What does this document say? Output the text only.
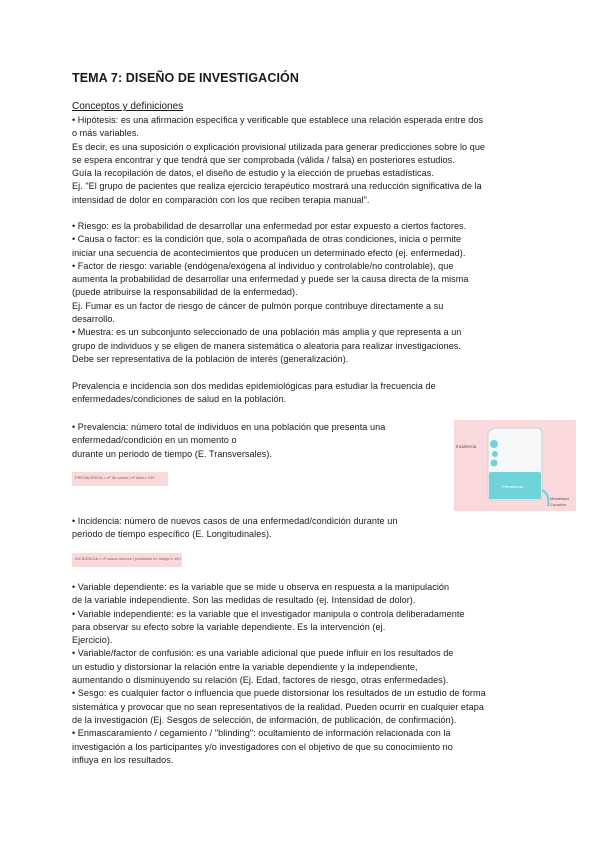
TEMA 7: DISEÑO DE INVESTIGACIÓN
Conceptos y definiciones
• Hipótesis: es una afirmación específica y verificable que establece una relación esperada entre dos
o más variables.
Es decir, es una suposición o explicación provisional utilizada para generar predicciones sobre lo que
se espera encontrar y que tendrá que ser comprobada (válida / falsa) en posteriores estudios.
Guía la recopilación de datos, el diseño de estudio y la elección de pruebas estadísticas.
Ej. "El grupo de pacientes que realiza ejercicio terapéutico mostrará una reducción significativa de la
intensidad de dolor en comparación con los que reciben terapia manual".
• Riesgo: es la probabilidad de desarrollar una enfermedad por estar expuesto a ciertos factores.
• Causa o factor: es la condición que, sola o acompañada de otras condiciones, inicia o permite
iniciar una secuencia de acontecimientos que producen un determinado efecto (ej. enfermedad).
• Factor de riesgo: variable (endógena/exógena al individuo y controlable/no controlable), que
aumenta la probabilidad de desarrollar una enfermedad y puede ser la causa directa de la misma
(puede atribuirse la responsabilidad de la enfermedad).
Ej. Fumar es un factor de riesgo de cáncer de pulmón porque contribuye directamente a su
desarrollo.
• Muestra: es un subconjunto seleccionado de una población más amplia y que representa a un
grupo de individuos y se eligen de manera sistemática o aleatoria para realizar investigaciones.
Debe ser representativa de la población de interés (generalización).
Prevalencia e incidencia son dos medidas epidemiológicas para estudiar la frecuencia de
enfermedades/condiciones de salud en la población.
• Prevalencia: número total de individuos en una población que presenta una
enfermedad/condición en un momento o
durante un periodo de tiempo (E. Transversales).
PREVALENCIA = nº de casos / nº total x 100
Incidencia
Prevalencia
Mortalidad
Curación
• Incidencia: número de nuevos casos de una enfermedad/condición durante un
periodo de tiempo específico (E. Longitudinales).
INCIDENCIA = nº casos nuevos / población en riesgo x 100
• Variable dependiente: es la variable que se mide u observa en respuesta a la manipulación
de la variable independiente. Son las medidas de resultado (ej. Intensidad de dolor).
• Variable independiente: es la variable que el investigador manipula o controla deliberadamente
para observar su efecto sobre la variable dependiente. Es la intervención (ej.
Ejercicio).
• Variable/factor de confusión: es una variable adicional que puede influir en los resultados de
un estudio y distorsionar la relación entre la variable dependiente y la independiente,
aumentando o disminuyendo su relación (Ej. Edad, factores de riesgo, otras enfermedades).
• Sesgo: es cualquier factor o influencia que puede distorsionar los resultados de un estudio de forma
sistemática y provocar que no sean representativos de la realidad. Pueden ocurrir en cualquier etapa
de la investigación (Ej. Sesgos de selección, de información, de publicación, de confirmación).
• Enmascaramiento / cegamiento / "blinding": ocultamiento de información relacionada con la
investigación a los participantes y/o investigadores con el objetivo de que su conocimiento no
influya en los resultados.
